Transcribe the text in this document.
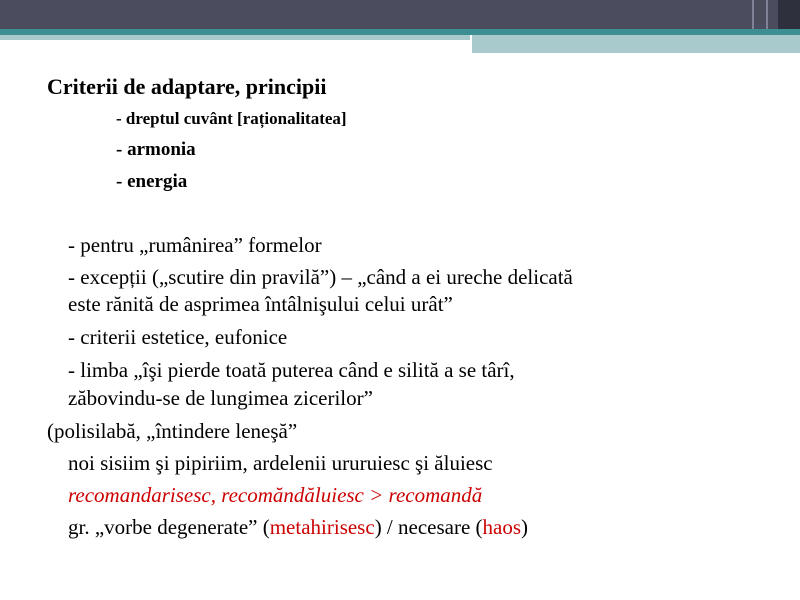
Criterii de adaptare, principii
- dreptul cuvânt [raționalitatea]
- armonia
- energia
- pentru „rumânirea” formelor
- excepții („scutire din pravilă”) – „când a ei ureche delicată
este rănită de asprimea întâlnişului celui urât”
- criterii estetice, eufonice
- limba „îşi pierde toată puterea când e silită a se târî,
zăbovindu-se de lungimea zicerilor”
(polisilabă, „întindere leneşă”
noi sisiim şi pipiriim, ardelenii ururuiesc şi ăluiesc
recomandarisesc, recomăndăluiesc > recomandă
gr. „vorbe degenerate” (metahirisesc) / necesare (haos)
